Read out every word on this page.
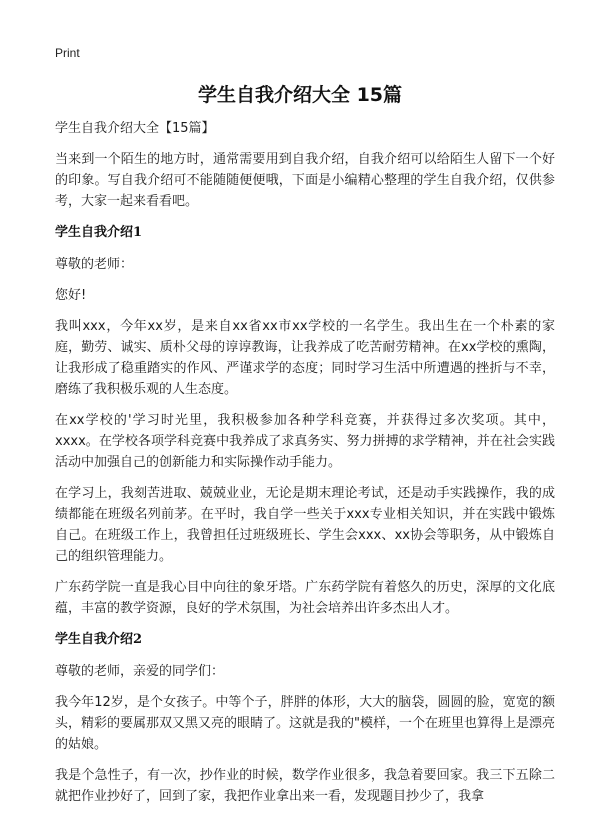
Print
学生自我介绍大全 15篇

学生自我介绍大全【15篇】

当来到一个陌生的地方时，通常需要用到自我介绍，自我介绍可以给陌生人留下一个好的印象。写自我介绍可不能随随便便哦，下面是小编精心整理的学生自我介绍，仅供参考，大家一起来看看吧。

学生自我介绍1

尊敬的老师：

您好!

我叫xxx，今年xx岁，是来自xx省xx市xx学校的一名学生。我出生在一个朴素的家庭，勤劳、诚实、质朴父母的谆谆教诲，让我养成了吃苦耐劳精神。在xx学校的熏陶，让我形成了稳重踏实的作风、严谨求学的态度；同时学习生活中所遭遇的挫折与不幸，磨练了我积极乐观的人生态度。

在xx学校的'学习时光里，我积极参加各种学科竞赛，并获得过多次奖项。其中，xxxx。在学校各项学科竞赛中我养成了求真务实、努力拼搏的求学精神，并在社会实践活动中加强自己的创新能力和实际操作动手能力。

在学习上，我刻苦进取、兢兢业业，无论是期末理论考试，还是动手实践操作，我的成绩都能在班级名列前茅。在平时，我自学一些关于xxx专业相关知识，并在实践中锻炼自己。在班级工作上，我曾担任过班级班长、学生会xxx、xx协会等职务，从中锻炼自己的组织管理能力。

广东药学院一直是我心目中向往的象牙塔。广东药学院有着悠久的历史，深厚的文化底蕴，丰富的教学资源，良好的学术氛围，为社会培养出许多杰出人才。

学生自我介绍2

尊敬的老师，亲爱的同学们：

我今年12岁，是个女孩子。中等个子，胖胖的体形，大大的脑袋，圆圆的脸，宽宽的额头，精彩的要属那双又黑又亮的眼睛了。这就是我的"模样，一个在班里也算得上是漂亮的姑娘。

我是个急性子，有一次，抄作业的时候，数学作业很多，我急着要回家。我三下五除二就把作业抄好了，回到了家，我把作业拿出来一看，发现题目抄少了，我拿
